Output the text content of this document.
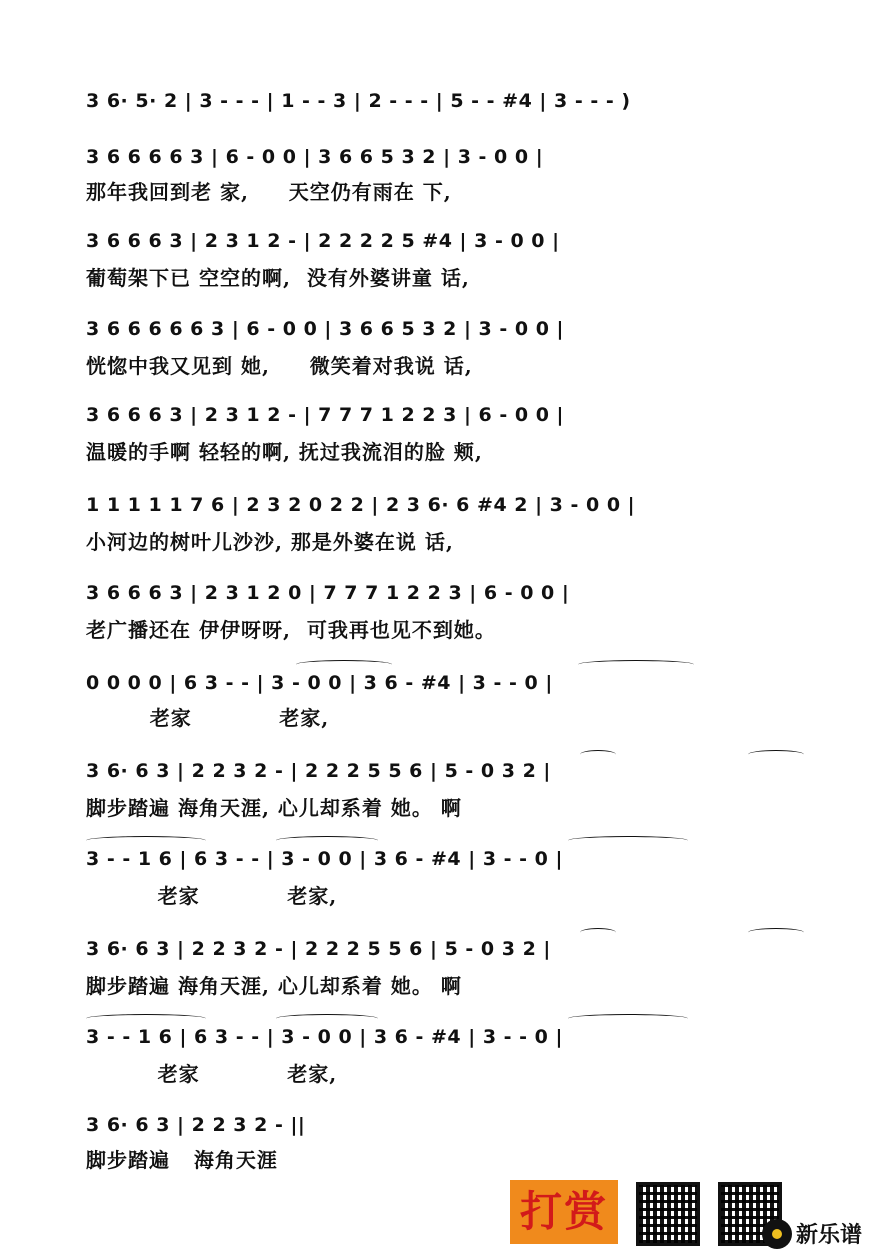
3 6· 5· 2 | 3 - - - | 1 - - 3 | 2 - - - | 5 - - #4 | 3 - - - )
3 6 6 6 6 3 | 6 - 0 0 | 3 6 6 5 3 2 | 3 - 0 0 |
那年我回到老 家,     天空仍有雨在 下,
3 6 6 6 3 | 2 3 1 2 - | 2 2 2 2 5 #4 | 3 - 0 0 |
葡萄架下已 空空的啊,  没有外婆讲童 话,
3 6 6 6 6 6 3 | 6 - 0 0 | 3 6 6 5 3 2 | 3 - 0 0 |
恍惚中我又见到 她,     微笑着对我说 话,
3 6 6 6 3 | 2 3 1 2 - | 7 7 7 1 2 2 3 | 6 - 0 0 |
温暖的手啊 轻轻的啊, 抚过我流泪的脸 颊,
1 1 1 1 1 7 6 | 2 3 2 0 2 2 | 2 3 6· 6 #4 2 | 3 - 0 0 |
小河边的树叶儿沙沙, 那是外婆在说 话,
3 6 6 6 3 | 2 3 1 2 0 | 7 7 7 1 2 2 3 | 6 - 0 0 |
老广播还在 伊伊呀呀,  可我再也见不到她。
0 0 0 0 | 6 3 - - | 3 - 0 0 | 3 6 - #4 | 3 - - 0 |
老家           老家,
3 6· 6 3 | 2 2 3 2 - | 2 2 2 5 5 6 | 5 - 0 3 2 |
脚步踏遍 海角天涯, 心儿却系着 她。 啊
3 - - 1 6 | 6 3 - - | 3 - 0 0 | 3 6 - #4 | 3 - - 0 |
老家           老家,
3 6· 6 3 | 2 2 3 2 - | 2 2 2 5 5 6 | 5 - 0 3 2 |
脚步踏遍 海角天涯, 心儿却系着 她。 啊
3 - - 1 6 | 6 3 - - | 3 - 0 0 | 3 6 - #4 | 3 - - 0 |
老家           老家,
3 6· 6 3 | 2 2 3 2 - ||
脚步踏遍   海角天涯
打赏	新乐谱
